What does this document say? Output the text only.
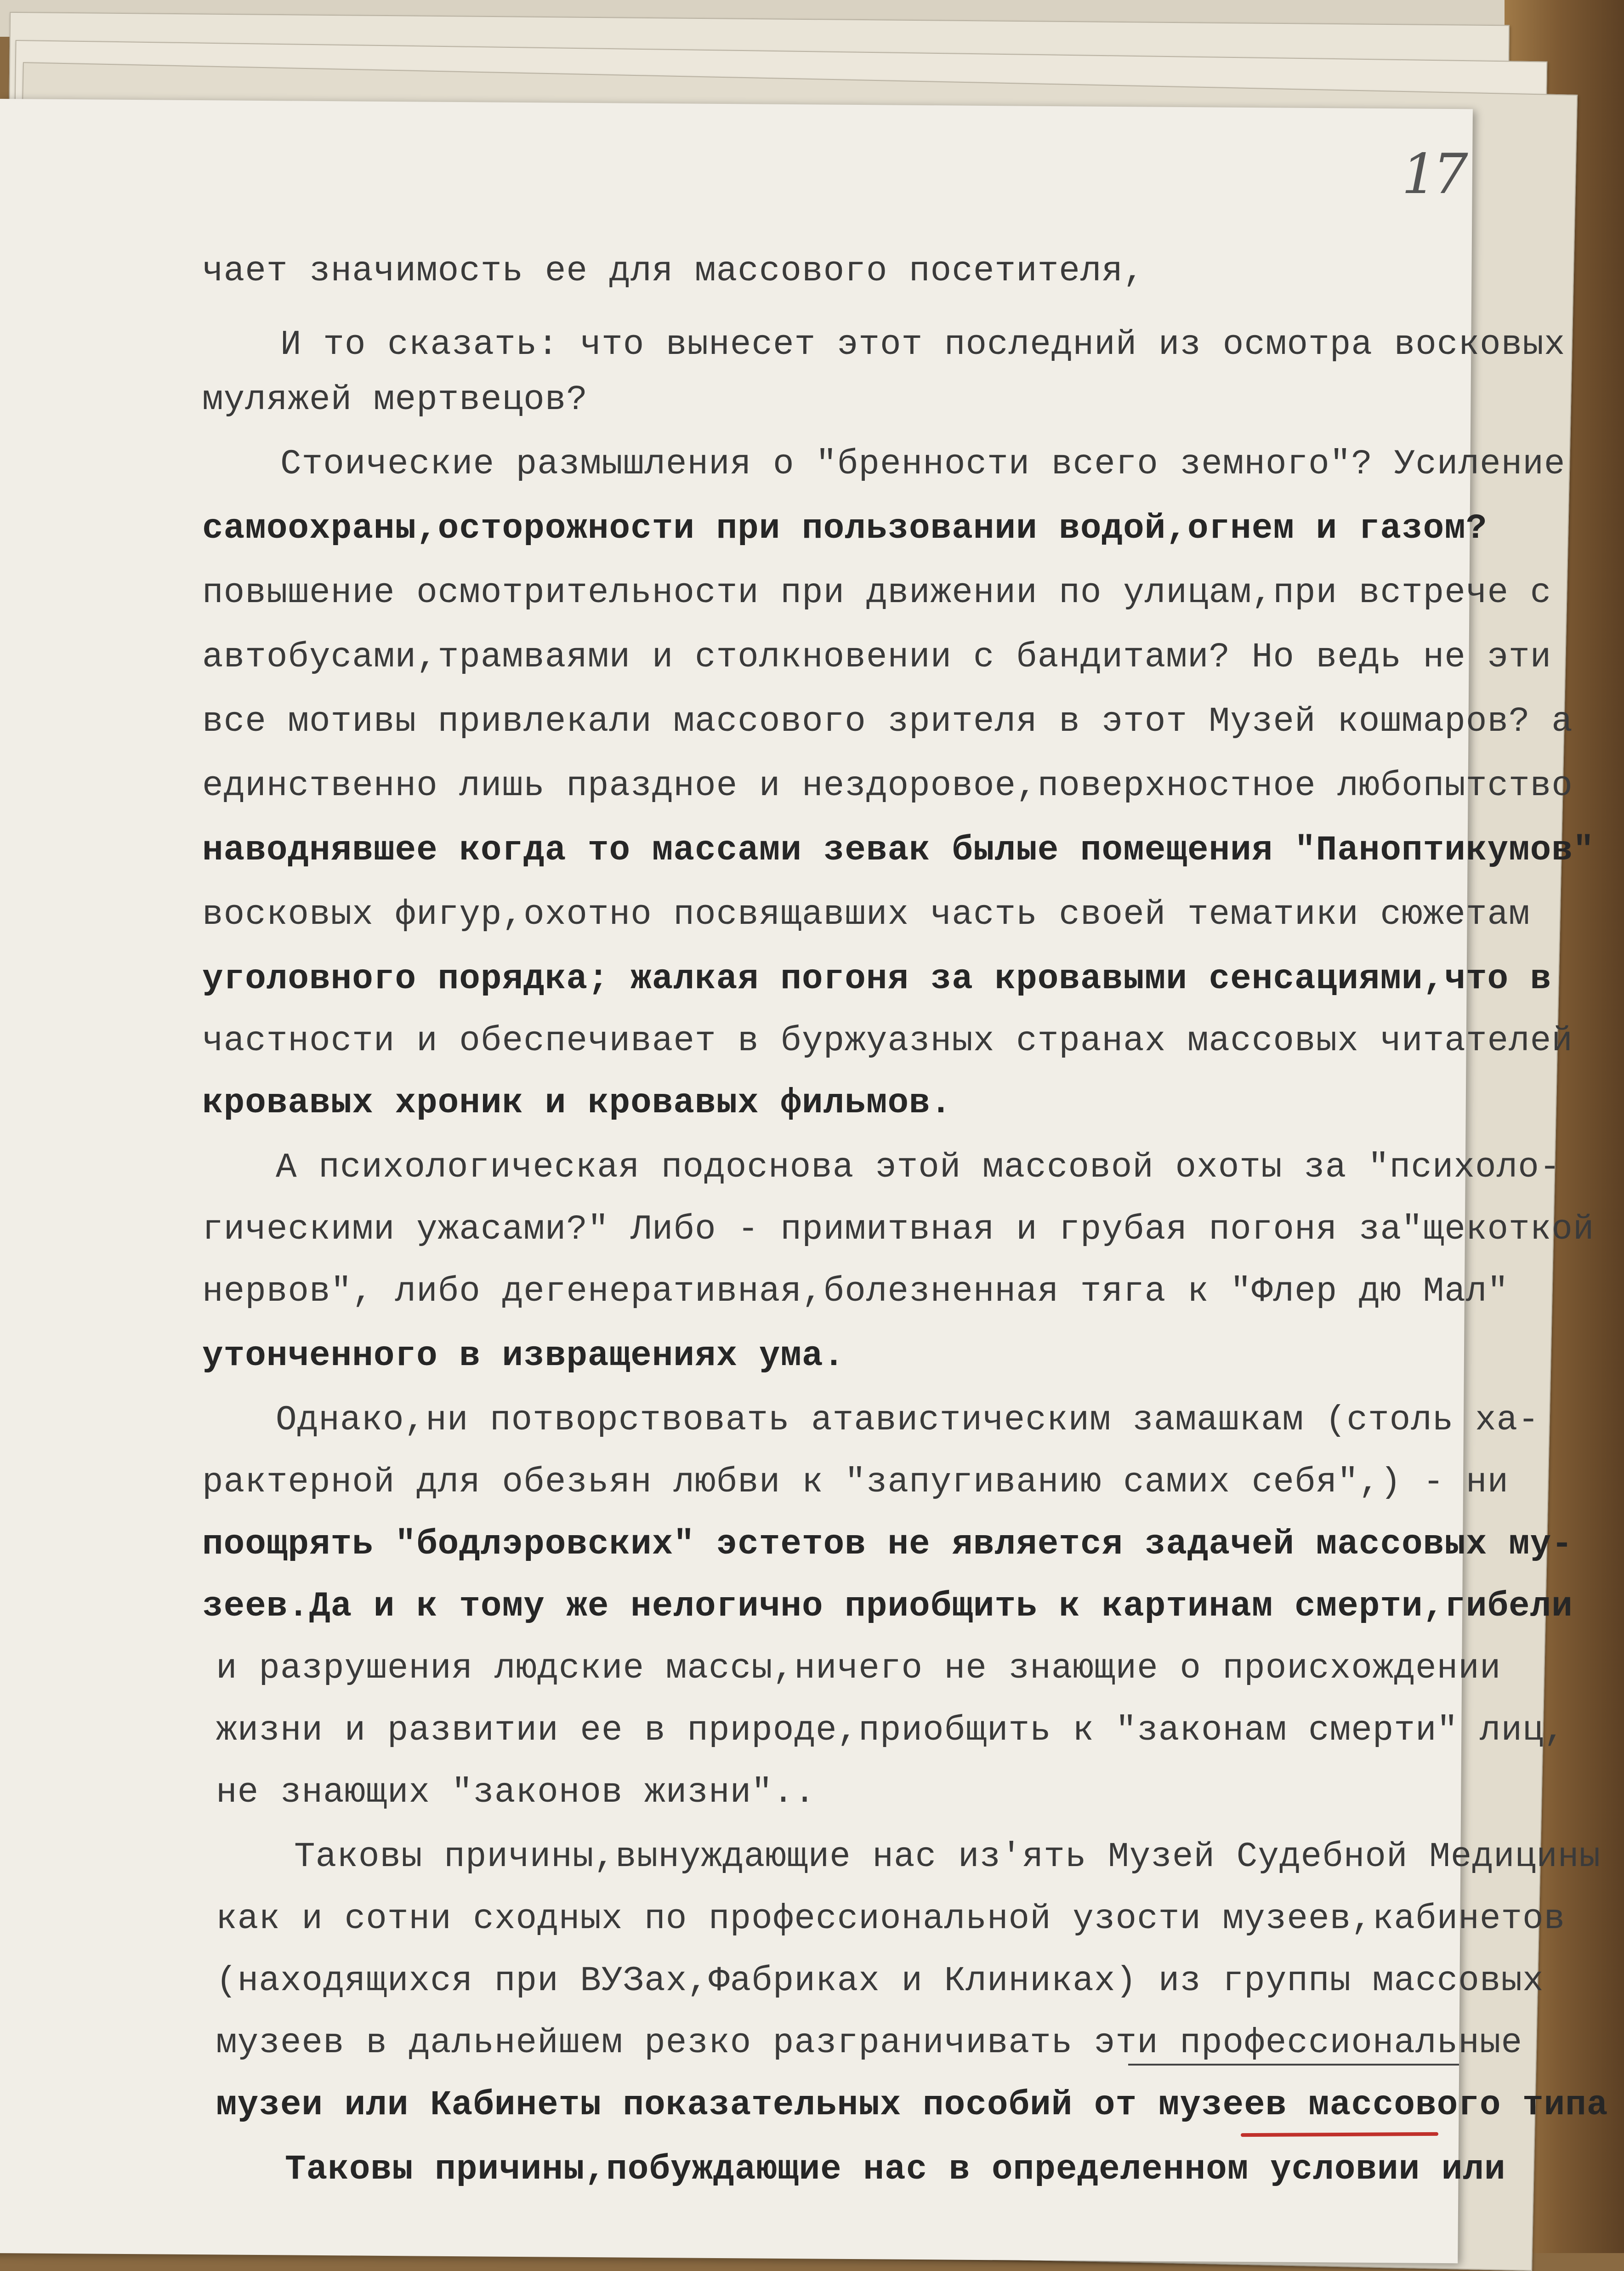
17
чает значимость ее для массового посетителя,
И то сказать: что вынесет этот последний из осмотра восковых
муляжей мертвецов?
Стоические размышления о "бренности всего земного"? Усиление
самоохраны,осторожности при пользовании водой,огнем и газом?
повышение осмотрительности при движении по улицам,при встрече с
автобусами,трамваями и столкновении с бандитами? Но ведь не эти
все мотивы привлекали массового зрителя в этот Музей кошмаров? а
единственно лишь праздное и нездоровое,поверхностное любопытство
наводнявшее когда то массами зевак былые помещения "Паноптикумов"
восковых фигур,охотно посвящавших часть своей тематики сюжетам
уголовного порядка; жалкая погоня за кровавыми сенсациями,что в
частности и обеспечивает в буржуазных странах массовых читателей
кровавых хроник и кровавых фильмов.
А психологическая подоснова этой массовой охоты за "психоло-
гическими ужасами?" Либо - примитвная и грубая погоня за"щекоткой
нервов", либо дегенеративная,болезненная тяга к "Флер дю Мал"
утонченного в извращениях ума.
Однако,ни потворствовать атавистическим замашкам (столь ха-
рактерной для обезьян любви к "запугиванию самих себя",) - ни
поощрять "бодлэровских" эстетов не является задачей массовых му-
зеев.Да и к тому же нелогично приобщить к картинам смерти,гибели
и разрушения людские массы,ничего не знающие о происхождении
жизни и развитии ее в природе,приобщить к "законам смерти" лиц,
не знающих "законов жизни"..
Таковы причины,вынуждающие нас из'ять Музей Судебной Медицины
как и сотни сходных по профессиональной узости музеев,кабинетов
(находящихся при ВУЗах,Фабриках и Клиниках) из группы массовых
музеев в дальнейшем резко разграничивать эти профессиональные
музеи или Кабинеты показательных пособий от музеев массового типа
Таковы причины,побуждающие нас в определенном условии или
